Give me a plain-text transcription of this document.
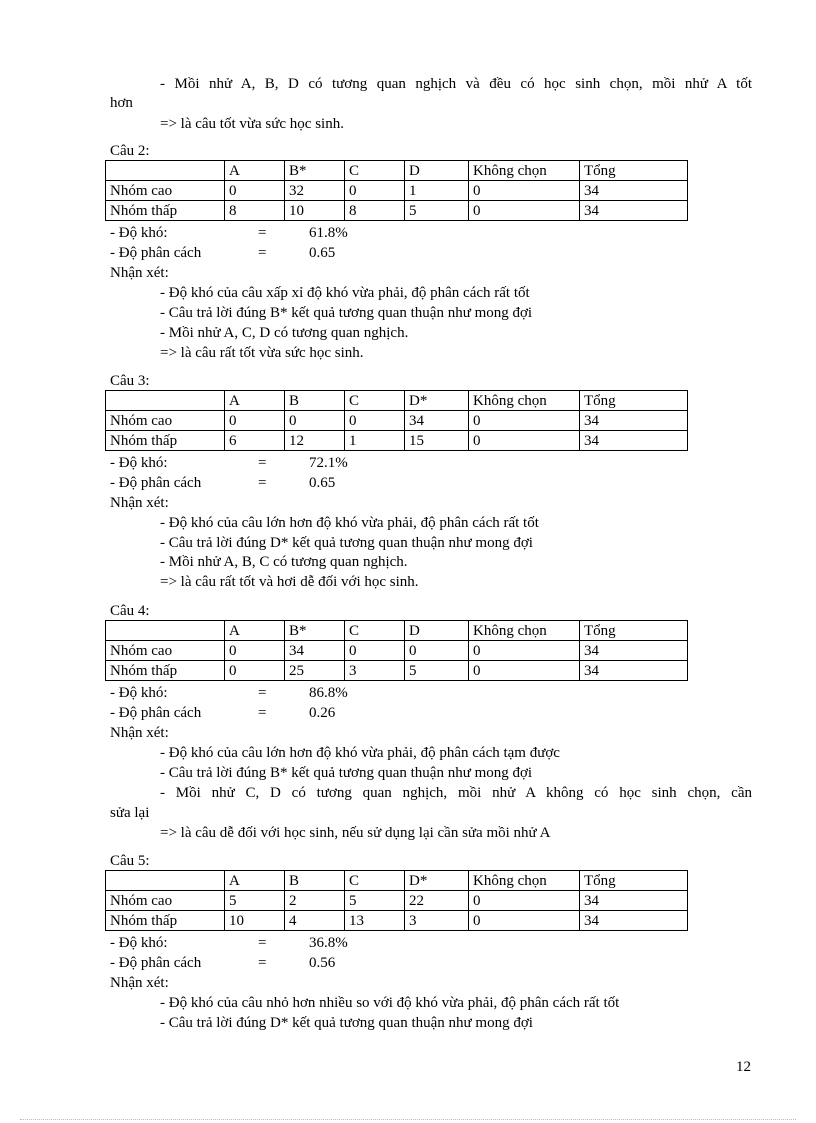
- Mồi nhử A, B, D có tương quan nghịch và đều có học sinh chọn, mồi nhử A tốt
hơn
=> là câu tốt vừa sức học sinh.
Câu 2:
	A	B*	C	D	Không chọn	Tổng
Nhóm cao	0	32	0	1	0	34
Nhóm thấp	8	10	8	5	0	34
- Độ khó:	=	61.8%
- Độ phân cách	=	0.65
Nhận xét:
- Độ khó của câu xấp xỉ độ khó vừa phải, độ phân cách rất tốt
- Câu trả lời đúng B* kết quả tương quan thuận như mong đợi
- Mồi nhử A, C, D có tương quan nghịch.
=> là câu rất tốt vừa sức học sinh.
Câu 3:
	A	B	C	D*	Không chọn	Tổng
Nhóm cao	0	0	0	34	0	34
Nhóm thấp	6	12	1	15	0	34
- Độ khó:	=	72.1%
- Độ phân cách	=	0.65
Nhận xét:
- Độ khó của câu lớn hơn độ khó vừa phải, độ phân cách rất tốt
- Câu trả lời đúng D* kết quả tương quan thuận như mong đợi
- Mồi nhử A, B, C có tương quan nghịch.
=> là câu rất tốt và hơi dễ đối với học sinh.
Câu 4:
	A	B*	C	D	Không chọn	Tổng
Nhóm cao	0	34	0	0	0	34
Nhóm thấp	0	25	3	5	0	34
- Độ khó:	=	86.8%
- Độ phân cách	=	0.26
Nhận xét:
- Độ khó của câu lớn hơn độ khó vừa phải, độ phân cách tạm được
- Câu trả lời đúng B* kết quả tương quan thuận như mong đợi
- Mồi nhử C, D có tương quan nghịch, mồi nhử A không có học sinh chọn, cần
sửa lại
=> là câu dễ đối với học sinh, nếu sử dụng lại cần sửa mồi nhử A
Câu 5:
	A	B	C	D*	Không chọn	Tổng
Nhóm cao	5	2	5	22	0	34
Nhóm thấp	10	4	13	3	0	34
- Độ khó:	=	36.8%
- Độ phân cách	=	0.56
Nhận xét:
- Độ khó của câu nhỏ hơn nhiều so với độ khó vừa phải, độ phân cách rất tốt
- Câu trả lời đúng D* kết quả tương quan thuận như mong đợi
12
